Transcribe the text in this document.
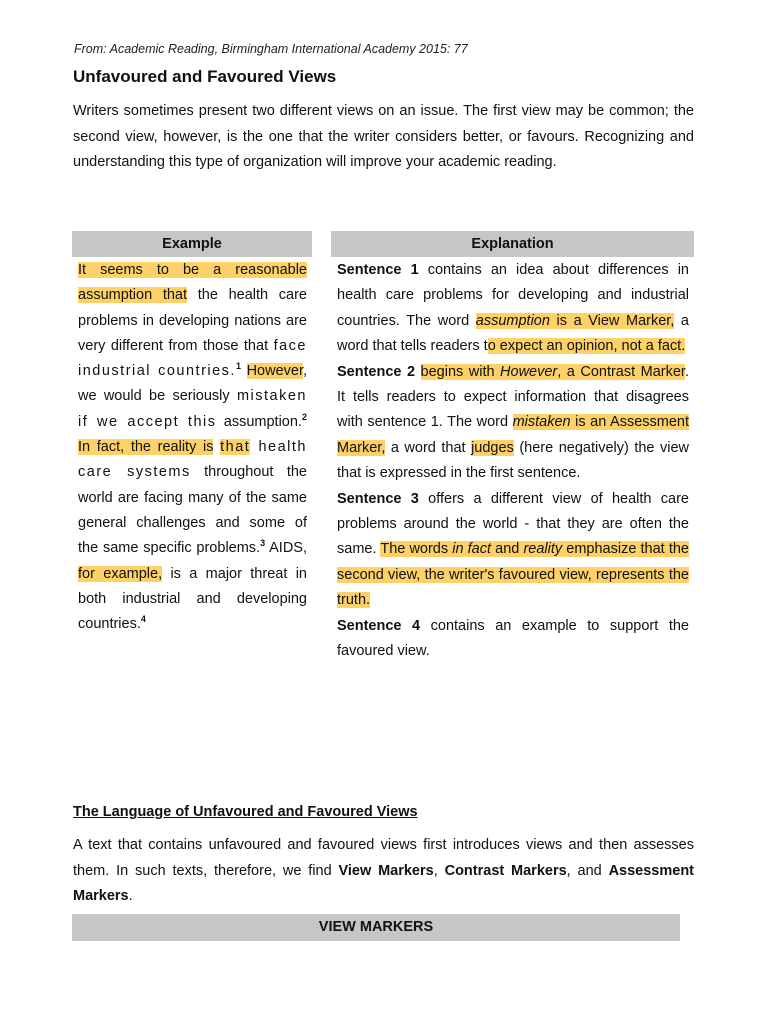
From: Academic Reading, Birmingham International Academy 2015: 77
Unfavoured and Favoured Views

Writers sometimes present two different views on an issue. The first view may be common; the second view, however, is the one that the writer considers better, or favours. Recognizing and understanding this type of organization will improve your academic reading.

Example	Explanation

It seems to be a reasonable assumption that the health care problems in developing nations are very different from those that face industrial countries.$^1$ However, we would be seriously mistaken if we accept this assumption.$^2$ In fact, the reality is that health care systems throughout the world are facing many of the same general challenges and some of the same specific problems.$^3$ AIDS, for example, is a major threat in both industrial and developing countries.$^4$

Sentence 1 contains an idea about differences in health care problems for developing and industrial countries. The word assumption is a View Marker, a word that tells readers to expect an opinion, not a fact.

Sentence 2 begins with However, a Contrast Marker. It tells readers to expect information that disagrees with sentence 1. The word mistaken is an Assessment Marker, a word that judges (here negatively) the view that is expressed in the first sentence.

Sentence 3 offers a different view of health care problems around the world - that they are often the same. The words in fact and reality emphasize that the second view, the writer's favoured view, represents the truth.

Sentence 4 contains an example to support the favoured view.

The Language of Unfavoured and Favoured Views

A text that contains unfavoured and favoured views first introduces views and then assesses them. In such texts, therefore, we find View Markers, Contrast Markers, and Assessment Markers.

VIEW MARKERS
